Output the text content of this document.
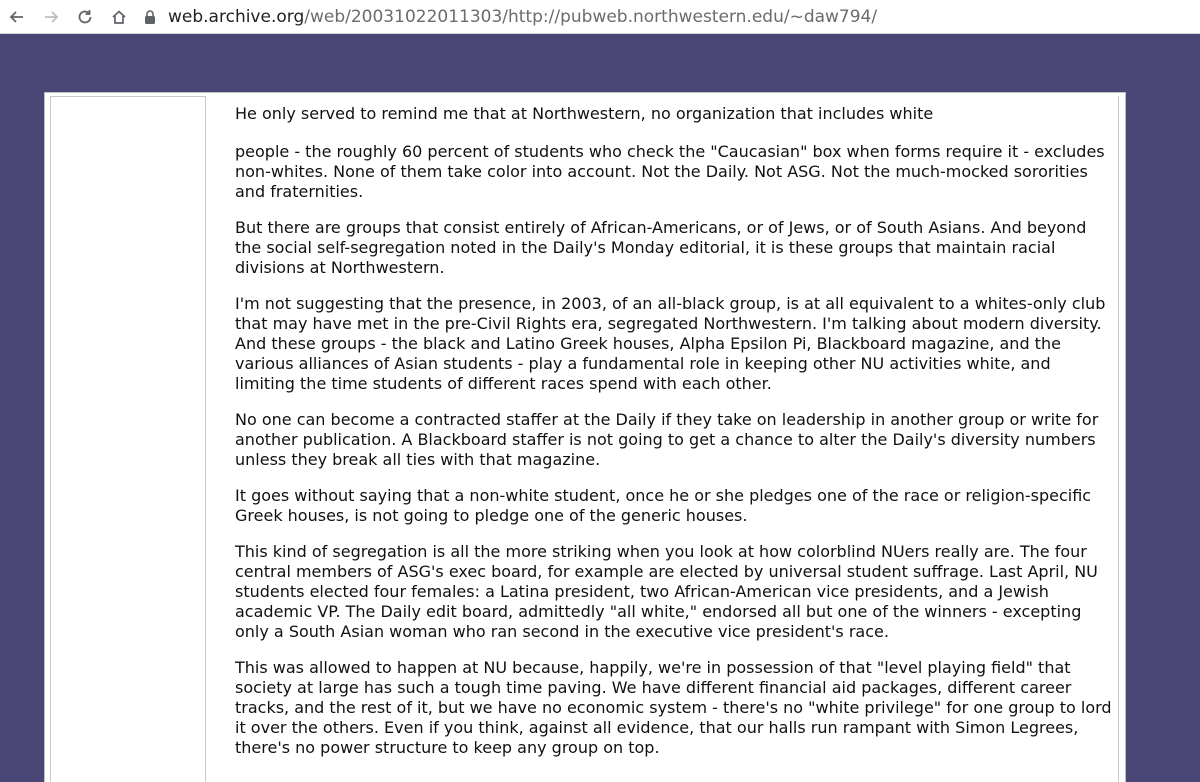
web.archive.org /web/20031022011303/http://pubweb.northwestern.edu/~daw794/

He only served to remind me that at Northwestern, no organization that includes white

people - the roughly 60 percent of students who check the "Caucasian" box when forms require it - excludes non-whites. None of them take color into account. Not the Daily. Not ASG. Not the much-mocked sororities and fraternities.

But there are groups that consist entirely of African-Americans, or of Jews, or of South Asians. And beyond the social self-segregation noted in the Daily's Monday editorial, it is these groups that maintain racial divisions at Northwestern.

I'm not suggesting that the presence, in 2003, of an all-black group, is at all equivalent to a whites-only club that may have met in the pre-Civil Rights era, segregated Northwestern. I'm talking about modern diversity. And these groups - the black and Latino Greek houses, Alpha Epsilon Pi, Blackboard magazine, and the various alliances of Asian students - play a fundamental role in keeping other NU activities white, and limiting the time students of different races spend with each other.

No one can become a contracted staffer at the Daily if they take on leadership in another group or write for another publication. A Blackboard staffer is not going to get a chance to alter the Daily's diversity numbers unless they break all ties with that magazine.

It goes without saying that a non-white student, once he or she pledges one of the race or religion-specific Greek houses, is not going to pledge one of the generic houses.

This kind of segregation is all the more striking when you look at how colorblind NUers really are. The four central members of ASG's exec board, for example are elected by universal student suffrage. Last April, NU students elected four females: a Latina president, two African-American vice presidents, and a Jewish academic VP. The Daily edit board, admittedly "all white," endorsed all but one of the winners - excepting only a South Asian woman who ran second in the executive vice president's race.

This was allowed to happen at NU because, happily, we're in possession of that "level playing field" that society at large has such a tough time paving. We have different financial aid packages, different career tracks, and the rest of it, but we have no economic system - there's no "white privilege" for one group to lord it over the others. Even if you think, against all evidence, that our halls run rampant with Simon Legrees, there's no power structure to keep any group on top.
